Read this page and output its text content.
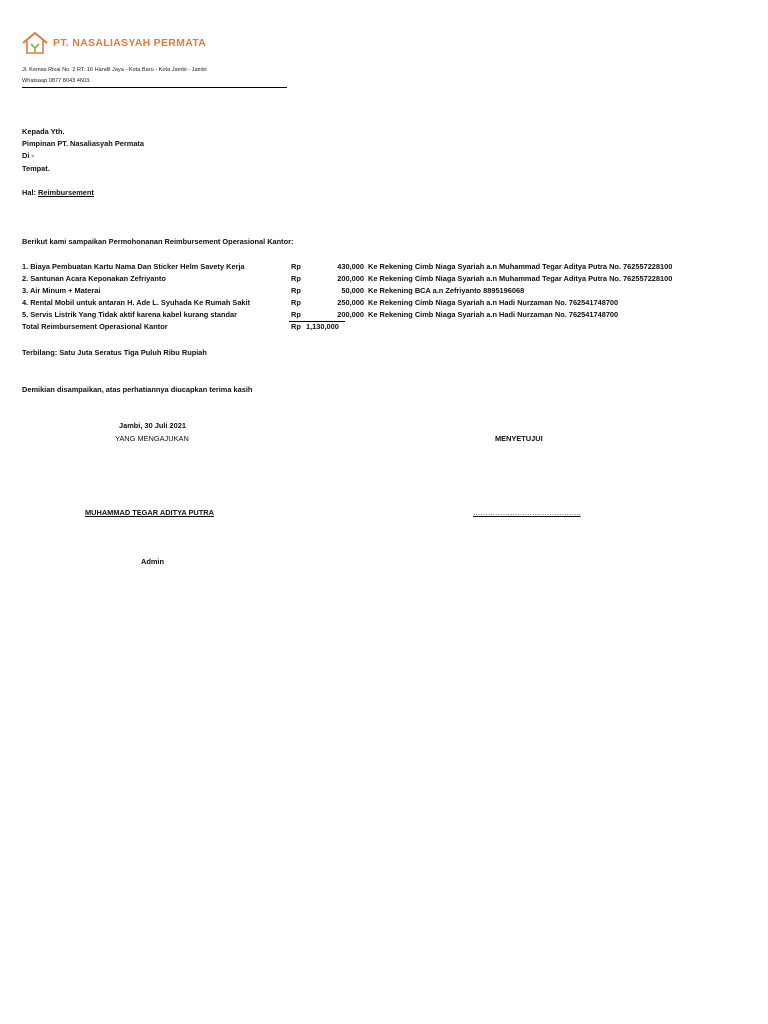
PT. NASALIASYAH PERMATA
Jl. Kemas Rivai No. 2 RT. 16 Handil Jaya - Kota Baru - Kota Jambi - Jambi
Whatsaap 0877 8043 4603.
Kepada Yth.
Pimpinan PT. Nasaliasyah Permata
Di -
Tempat.
Hal: Reimbursement
Berikut kami sampaikan Permohonanan Reimbursement Operasional Kantor:
1. Biaya Pembuatan Kartu Nama Dan Sticker Helm Savety Kerja	Rp	430,000 Ke Rekening Cimb Niaga Syariah a.n Muhammad Tegar Aditya Putra No. 762557228100
2. Santunan Acara Keponakan Zefriyanto	Rp	200,000 Ke Rekening Cimb Niaga Syariah a.n Muhammad Tegar Aditya Putra No. 762557228100
3. Air Minum + Materai	Rp	50,000 Ke Rekening BCA a.n Zefriyanto 8895196068
4. Rental Mobil untuk antaran H. Ade L. Syuhada Ke Rumah Sakit	Rp	250,000 Ke Rekening Cimb Niaga Syariah a.n Hadi Nurzaman No. 762541748700
5. Servis Listrik Yang Tidak aktif karena kabel kurang standar	Rp	200,000 Ke Rekening Cimb Niaga Syariah a.n Hadi Nurzaman No. 762541748700
Total Reimbursement Operasional Kantor	Rp 1,130,000
Terbilang: Satu Juta Seratus Tiga Puluh Ribu Rupiah
Demikian disampaikan, atas perhatiannya diucapkan terima kasih
Jambi, 30 Juli 2021
YANG MENGAJUKAN	MENYETUJUI
MUHAMMAD TEGAR ADITYA PUTRA	……………………………………..
Admin
